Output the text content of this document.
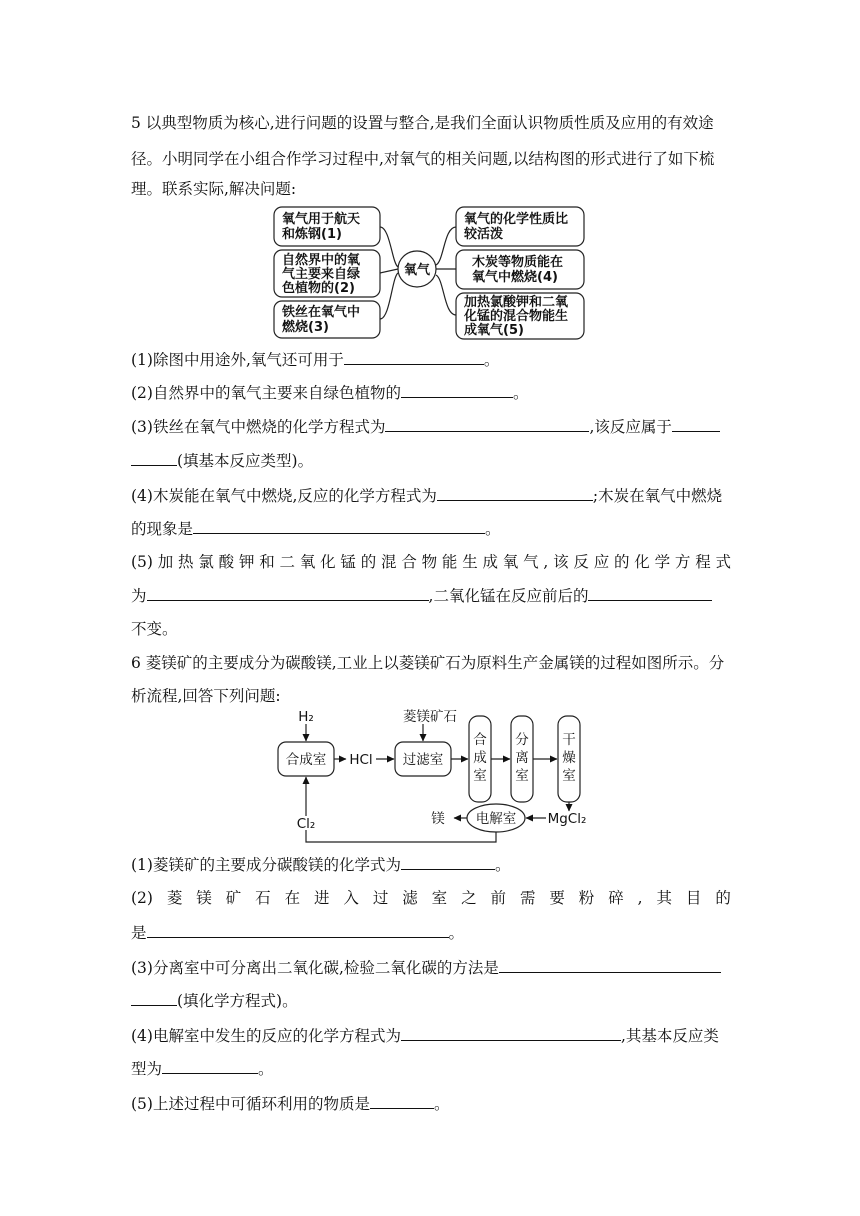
5 以典型物质为核心,进行问题的设置与整合,是我们全面认识物质性质及应用的有效途
径。小明同学在小组合作学习过程中,对氧气的相关问题,以结构图的形式进行了如下梳
理。联系实际,解决问题:
氧气
氧气用于航天
和炼钢(1)
自然界中的氧
气主要来自绿
色植物的(2)
铁丝在氧气中
燃烧(3)
氧气的化学性质比
较活泼
木炭等物质能在
氧气中燃烧(4)
加热氯酸钾和二氧
化锰的混合物能生
成氧气(5)
(1)除图中用途外,氧气还可用于	。
(2)自然界中的氧气主要来自绿色植物的	。
(3)铁丝在氧气中燃烧的化学方程式为	,该反应属于
(填基本反应类型)。
(4)木炭能在氧气中燃烧,反应的化学方程式为	;木炭在氧气中燃烧
的现象是	。
(5) 加 热 氯 酸 钾 和 二 氧 化 锰 的 混 合 物 能 生 成 氧 气 , 该 反 应 的 化 学 方 程 式
为	,二氧化锰在反应前后的
不变。
6 菱镁矿的主要成分为碳酸镁,工业上以菱镁矿石为原料生产金属镁的过程如图所示。分
析流程,回答下列问题:
H₂	菱镁矿石
合成室 HCl 过滤室
合
成
室
分
离
室
干
燥
室
电解室
镁	MgCl₂
Cl₂
(1)菱镁矿的主要成分碳酸镁的化学式为	。
(2) 菱 镁 矿 石 在 进 入 过 滤 室 之 前 需 要 粉 碎 , 其 目 的
是	。
(3)分离室中可分离出二氧化碳,检验二氧化碳的方法是
(填化学方程式)。
(4)电解室中发生的反应的化学方程式为	,其基本反应类
型为	。
(5)上述过程中可循环利用的物质是	。
